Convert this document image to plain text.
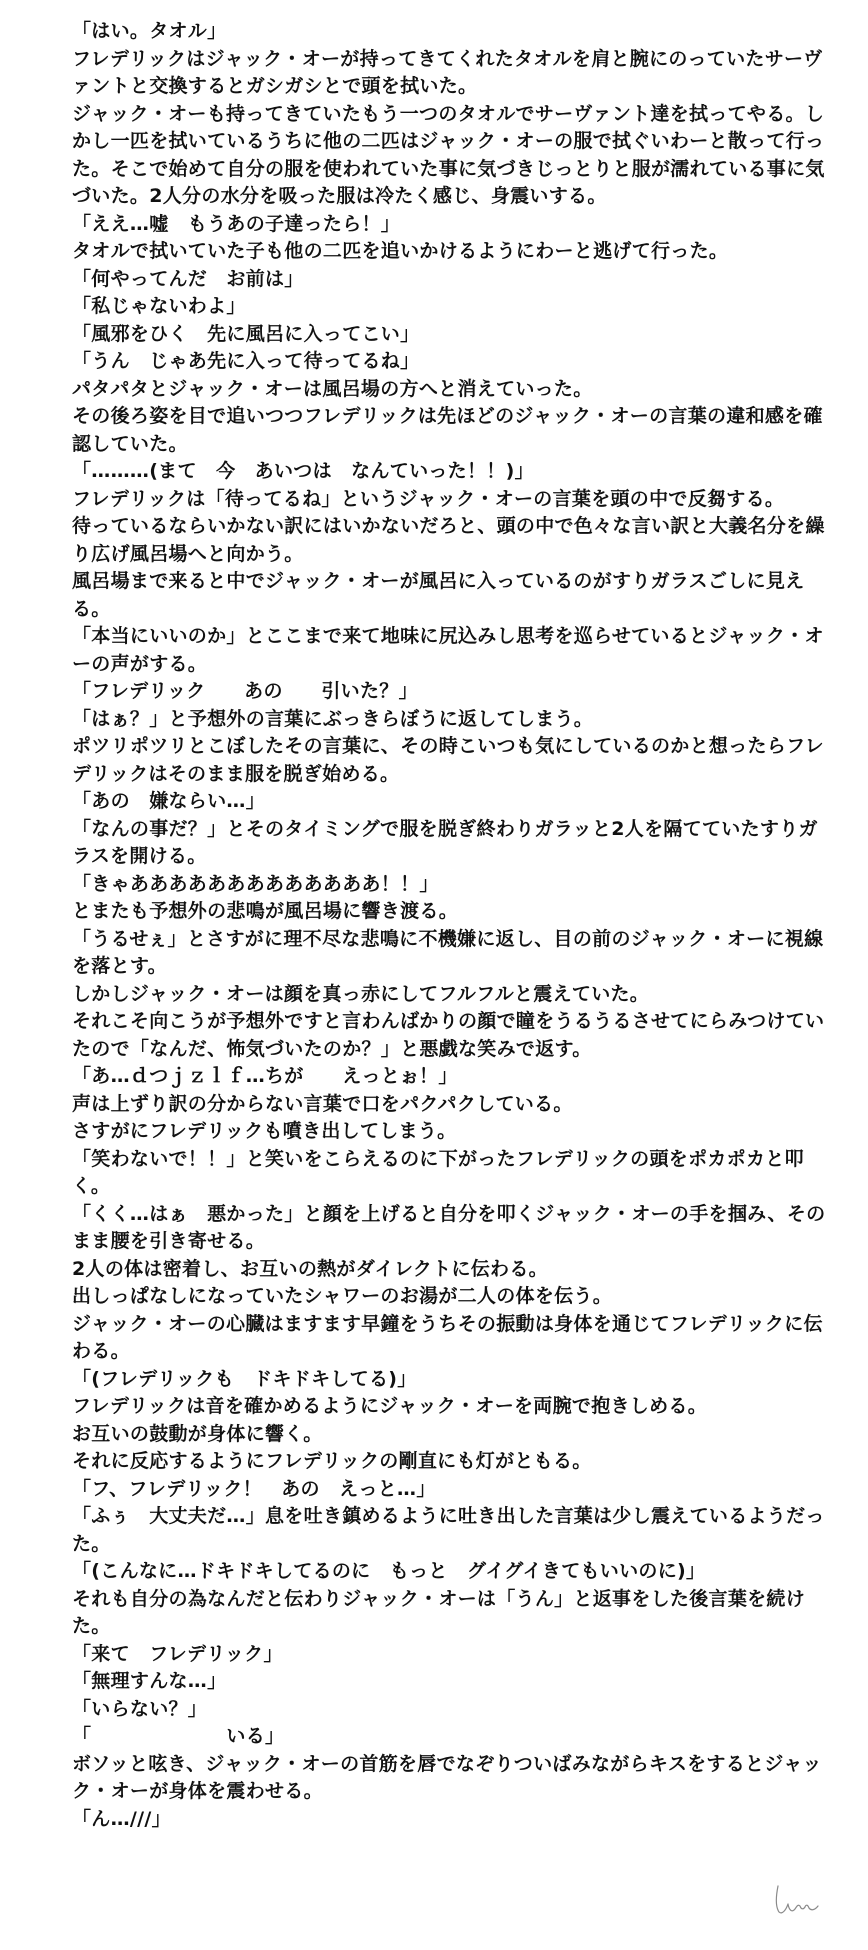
「はい。タオル」

フレデリックはジャック・オーが持ってきてくれたタオルを肩と腕にのっていたサーヴァントと交換するとガシガシとで頭を拭いた。

ジャック・オーも持ってきていたもう一つのタオルでサーヴァント達を拭ってやる。しかし一匹を拭いているうちに他の二匹はジャック・オーの服で拭ぐいわーと散って行った。そこで始めて自分の服を使われていた事に気づきじっとりと服が濡れている事に気づいた。2人分の水分を吸った服は冷たく感じ、身震いする。

「ええ…嘘　もうあの子達ったら！」

タオルで拭いていた子も他の二匹を追いかけるようにわーと逃げて行った。

「何やってんだ　お前は」

「私じゃないわよ」

「風邪をひく　先に風呂に入ってこい」

「うん　じゃあ先に入って待ってるね」

パタパタとジャック・オーは風呂場の方へと消えていった。

その後ろ姿を目で追いつつフレデリックは先ほどのジャック・オーの言葉の違和感を確認していた。

「………(まて　今　あいつは　なんていった！！)」

フレデリックは「待ってるね」というジャック・オーの言葉を頭の中で反芻する。

待っているならいかない訳にはいかないだろと、頭の中で色々な言い訳と大義名分を繰り広げ風呂場へと向かう。

風呂場まで来ると中でジャック・オーが風呂に入っているのがすりガラスごしに見える。

「本当にいいのか」とここまで来て地味に尻込みし思考を巡らせているとジャック・オーの声がする。

「フレデリック　　あの　　引いた？」

「はぁ？」と予想外の言葉にぶっきらぼうに返してしまう。

ポツリポツリとこぼしたその言葉に、その時こいつも気にしているのかと想ったらフレデリックはそのまま服を脱ぎ始める。

「あの　嫌ならい…」

「なんの事だ？」とそのタイミングで服を脱ぎ終わりガラッと2人を隔てていたすりガラスを開ける。

「きゃあああああああああああああ！！」

とまたも予想外の悲鳴が風呂場に響き渡る。

「うるせぇ」とさすがに理不尽な悲鳴に不機嫌に返し、目の前のジャック・オーに視線を落とす。

しかしジャック・オーは顔を真っ赤にしてフルフルと震えていた。

それこそ向こうが予想外ですと言わんばかりの顔で瞳をうるうるさせてにらみつけていたので「なんだ、怖気づいたのか？」と悪戯な笑みで返す。

「あ…ｄつｊｚｌｆ…ちが　　えっとぉ！」

声は上ずり訳の分からない言葉で口をパクパクしている。

さすがにフレデリックも噴き出してしまう。

「笑わないで！！」と笑いをこらえるのに下がったフレデリックの頭をポカポカと叩く。

「くく…はぁ　悪かった」と顔を上げると自分を叩くジャック・オーの手を掴み、そのまま腰を引き寄せる。

2人の体は密着し、お互いの熱がダイレクトに伝わる。

出しっぱなしになっていたシャワーのお湯が二人の体を伝う。

ジャック・オーの心臓はますます早鐘をうちその振動は身体を通じてフレデリックに伝わる。

「(フレデリックも　ドキドキしてる)」

フレデリックは音を確かめるようにジャック・オーを両腕で抱きしめる。

お互いの鼓動が身体に響く。

それに反応するようにフレデリックの剛直にも灯がともる。

「フ、フレデリック！　あの　えっと…」

「ふぅ　大丈夫だ…」息を吐き鎮めるように吐き出した言葉は少し震えているようだった。

「(こんなに…ドキドキしてるのに　もっと　グイグイきてもいいのに)」

それも自分の為なんだと伝わりジャック・オーは「うん」と返事をした後言葉を続けた。

「来て　フレデリック」

「無理すんな…」

「いらない？」

「　　　　　　　いる」

ボソッと呟き、ジャック・オーの首筋を唇でなぞりついばみながらキスをするとジャック・オーが身体を震わせる。

「ん…///」
